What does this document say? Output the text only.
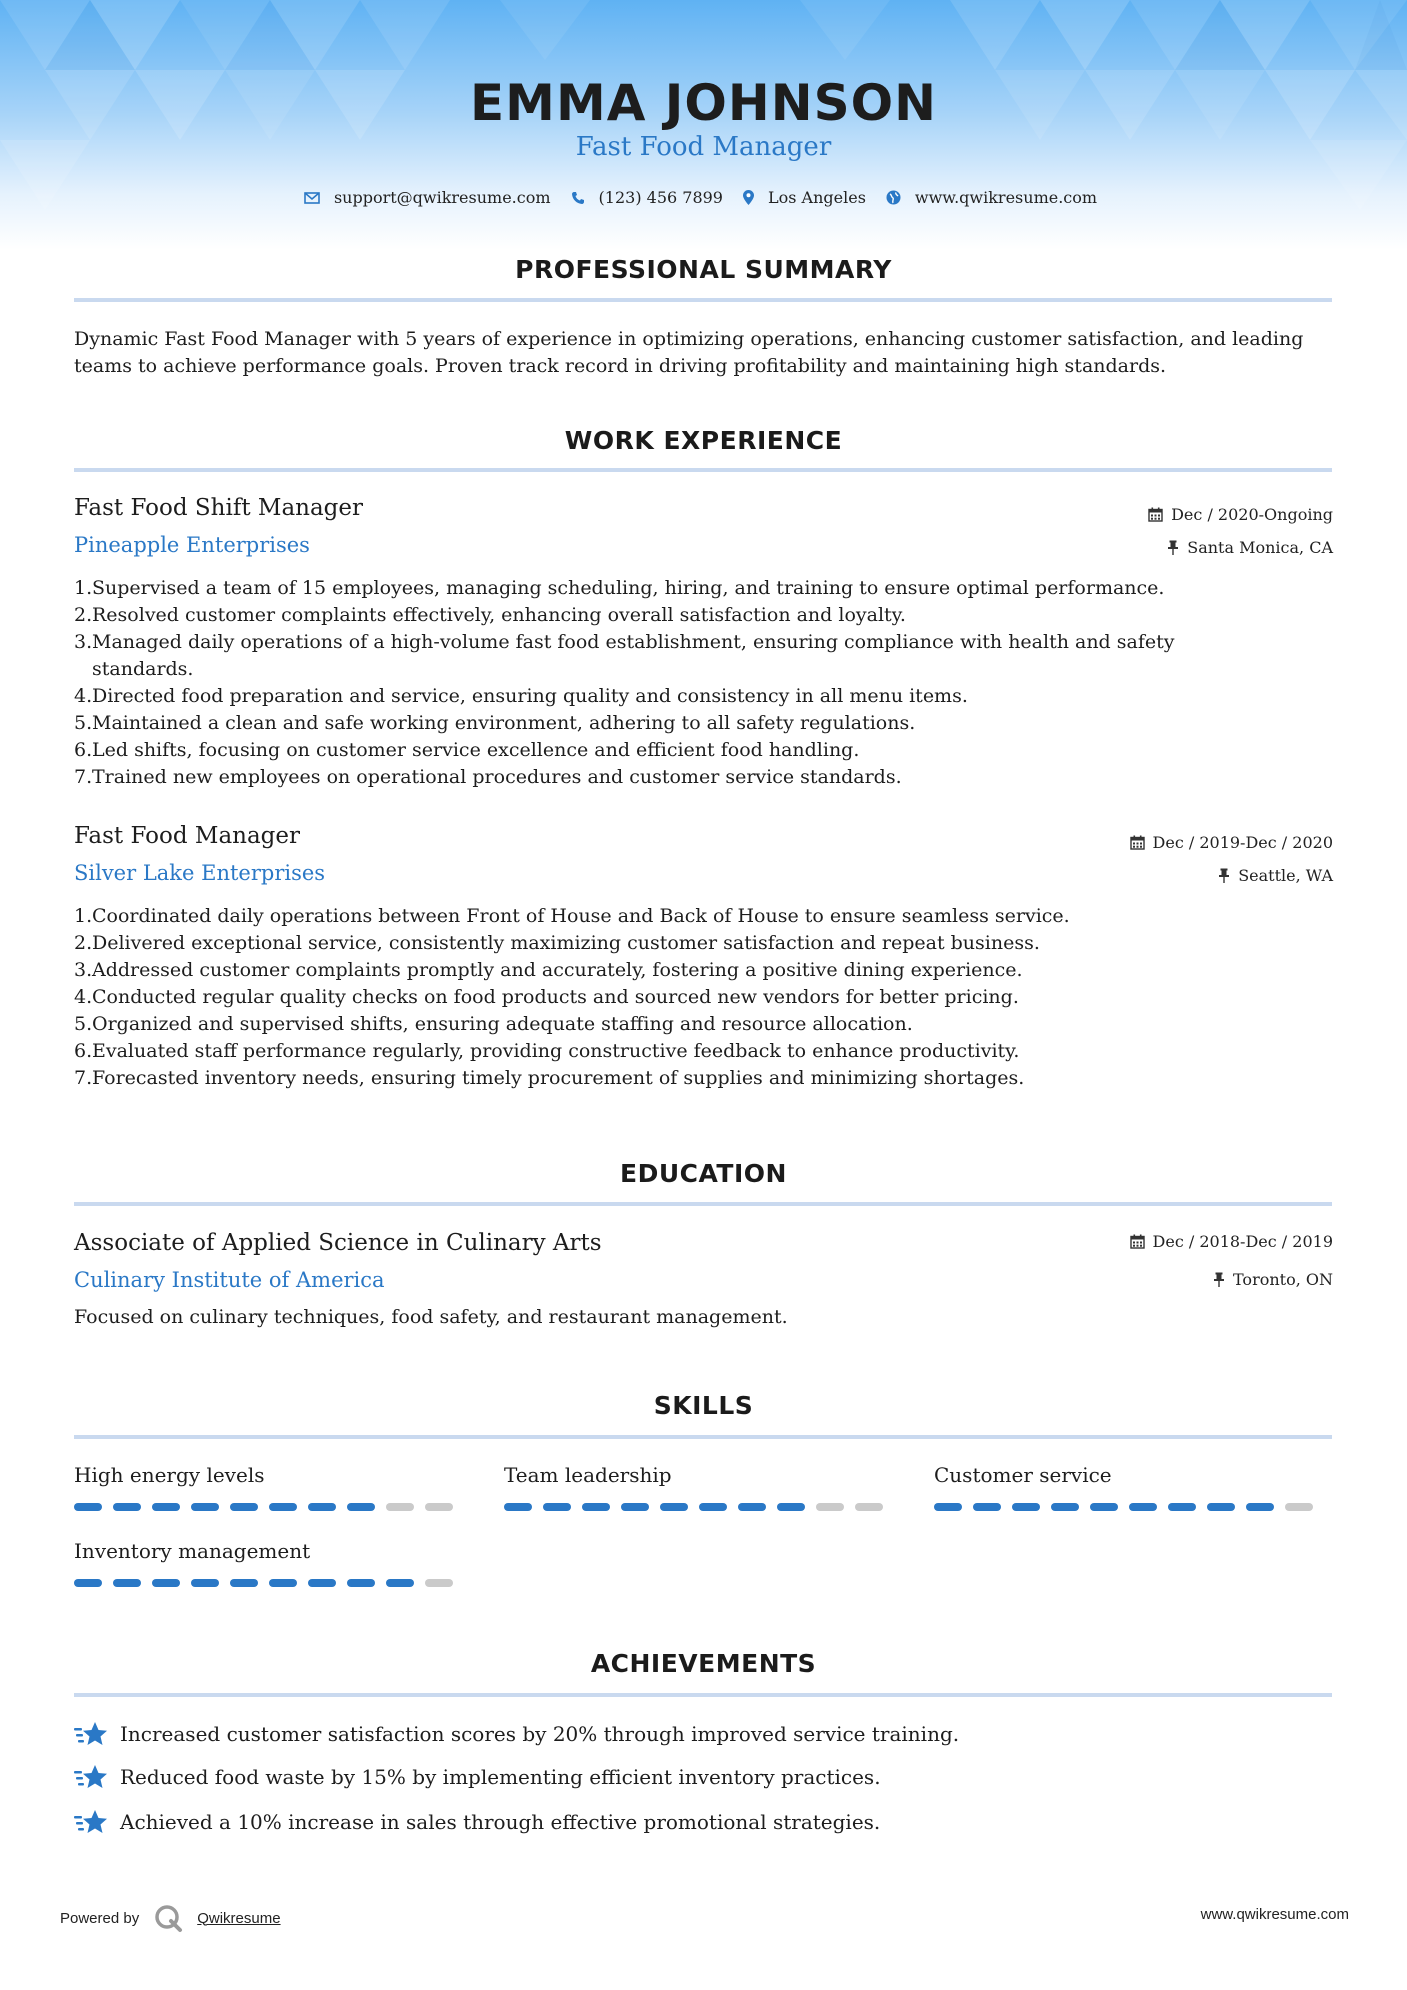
EMMA JOHNSON
Fast Food Manager
support@qwikresume.com	(123) 456 7899	Los Angeles	www.qwikresume.com
PROFESSIONAL SUMMARY
Dynamic Fast Food Manager with 5 years of experience in optimizing operations, enhancing customer satisfaction, and leading teams to achieve performance goals. Proven track record in driving profitability and maintaining high standards.
WORK EXPERIENCE
Fast Food Shift Manager	Dec / 2020-Ongoing
Pineapple Enterprises	Santa Monica, CA
1. Supervised a team of 15 employees, managing scheduling, hiring, and training to ensure optimal performance.
2. Resolved customer complaints effectively, enhancing overall satisfaction and loyalty.
3. Managed daily operations of a high-volume fast food establishment, ensuring compliance with health and safety standards.
4. Directed food preparation and service, ensuring quality and consistency in all menu items.
5. Maintained a clean and safe working environment, adhering to all safety regulations.
6. Led shifts, focusing on customer service excellence and efficient food handling.
7. Trained new employees on operational procedures and customer service standards.
Fast Food Manager	Dec / 2019-Dec / 2020
Silver Lake Enterprises	Seattle, WA
1. Coordinated daily operations between Front of House and Back of House to ensure seamless service.
2. Delivered exceptional service, consistently maximizing customer satisfaction and repeat business.
3. Addressed customer complaints promptly and accurately, fostering a positive dining experience.
4. Conducted regular quality checks on food products and sourced new vendors for better pricing.
5. Organized and supervised shifts, ensuring adequate staffing and resource allocation.
6. Evaluated staff performance regularly, providing constructive feedback to enhance productivity.
7. Forecasted inventory needs, ensuring timely procurement of supplies and minimizing shortages.
EDUCATION
Associate of Applied Science in Culinary Arts	Dec / 2018-Dec / 2019
Culinary Institute of America	Toronto, ON
Focused on culinary techniques, food safety, and restaurant management.
SKILLS
High energy levels	Team leadership	Customer service
Inventory management
ACHIEVEMENTS
Increased customer satisfaction scores by 20% through improved service training.
Reduced food waste by 15% by implementing efficient inventory practices.
Achieved a 10% increase in sales through effective promotional strategies.
Powered by	Qwikresume	www.qwikresume.com
